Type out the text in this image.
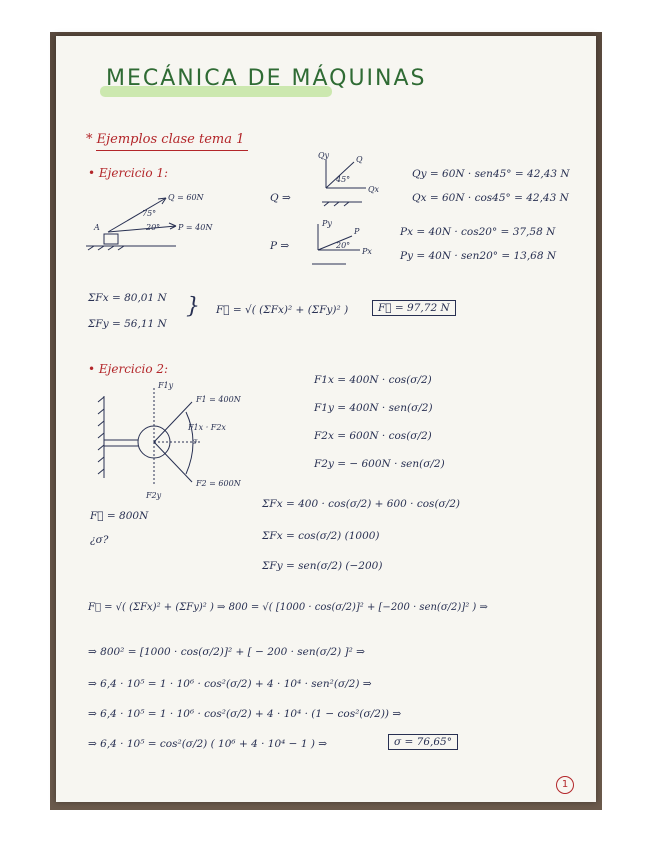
MECÁNICA DE MÁQUINAS
* Ejemplos clase tema 1
• Ejercicio 1:
A
Q = 60N
P = 40N
75°
20°
Q ⇒
Qy	Q
Qx
45°	Qy = 60N · sen45° = 42,43 N
Qx = 60N · cos45° = 42,43 N
P ⇒
Py
P
Px
20°
Px = 40N · cos20° = 37,58 N
Py = 40N · sen20° = 13,68 N
ΣFx = 80,01 N
ΣFy = 56,11 N
} F⃗ = √( (ΣFx)² + (ΣFy)² )	F⃗ = 97,72 N
• Ejercicio 2:
F1y
F1 = 400N
F1x · F2x
σ
F2 = 600N
F2y
F1x = 400N · cos(σ/2)
F1y = 400N · sen(σ/2)
F2x = 600N · cos(σ/2)
F2y = − 600N · sen(σ/2)
F⃗ = 800N
¿σ?
ΣFx = 400 · cos(σ/2) + 600 · cos(σ/2)
ΣFx = cos(σ/2) (1000)
ΣFy = sen(σ/2) (−200)
F⃗ = √( (ΣFx)² + (ΣFy)² ) ⇒ 800 = √( [1000 · cos(σ/2)]² + [−200 · sen(σ/2)]² ) ⇒
⇒ 800² = [1000 · cos(σ/2)]² + [ − 200 · sen(σ/2) ]² ⇒
⇒ 6,4 · 10⁵ = 1 · 10⁶ · cos²(σ/2) + 4 · 10⁴ · sen²(σ/2) ⇒
⇒ 6,4 · 10⁵ = 1 · 10⁶ · cos²(σ/2) + 4 · 10⁴ · (1 − cos²(σ/2)) ⇒
⇒ 6,4 · 10⁵ = cos²(σ/2) ( 10⁶ + 4 · 10⁴ − 1 ) ⇒	σ = 76,65°
1
